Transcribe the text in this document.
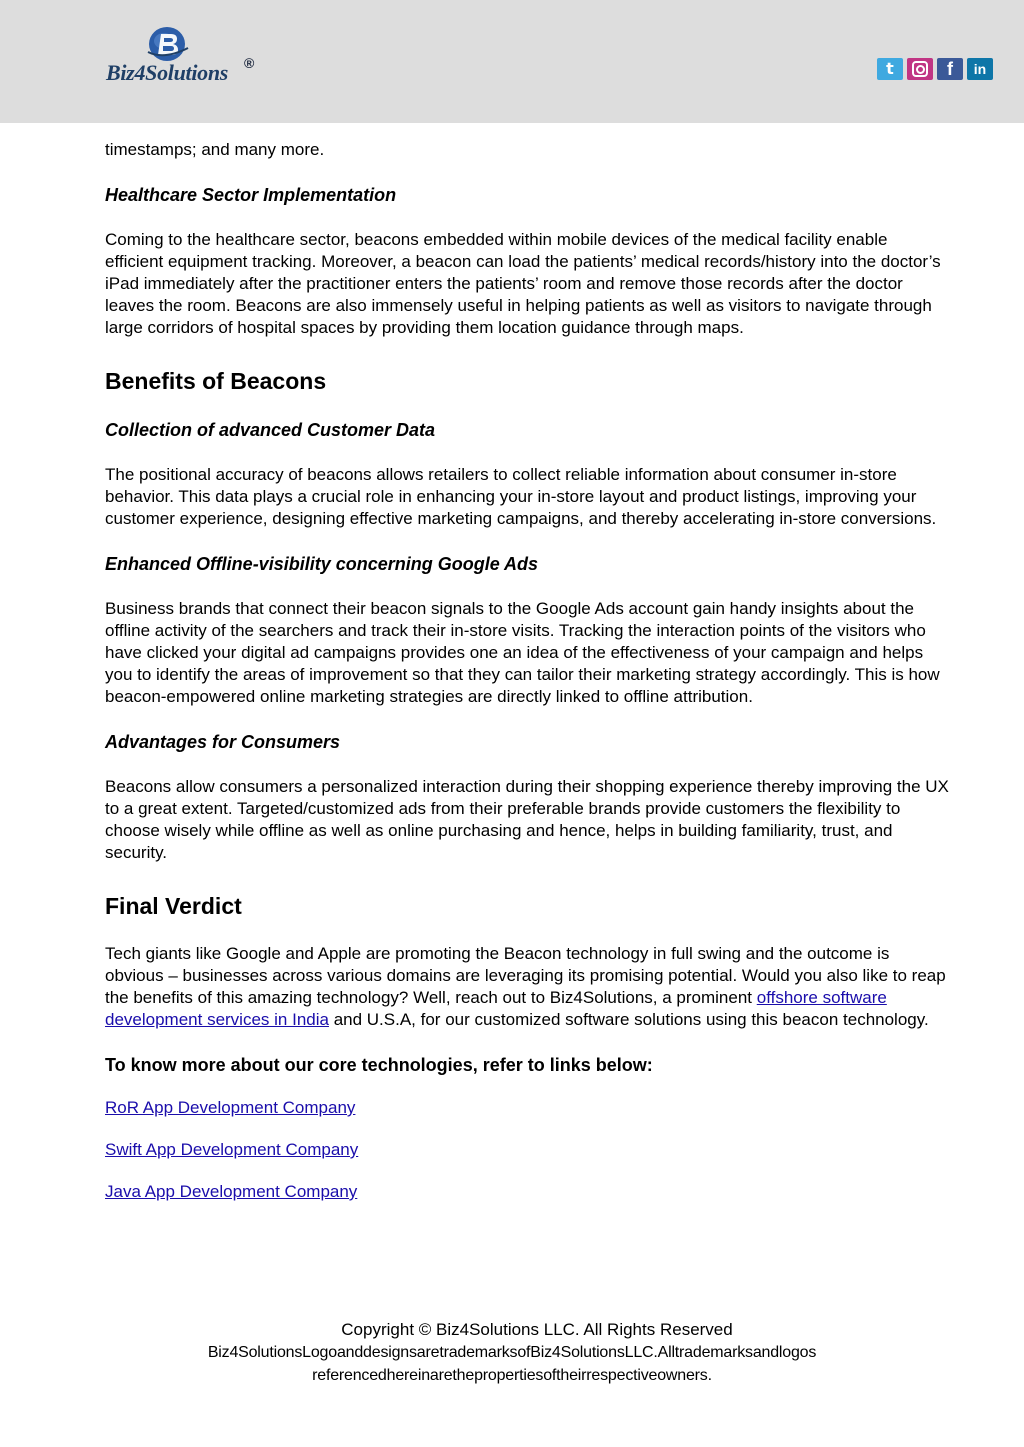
Biz4Solutions ®	t	f in

timestamps; and many more.

Healthcare Sector Implementation

Coming to the healthcare sector, beacons embedded within mobile devices of the medical facility enable efficient equipment tracking. Moreover, a beacon can load the patients’ medical records/history into the doctor’s iPad immediately after the practitioner enters the patients’ room and remove those records after the doctor leaves the room. Beacons are also immensely useful in helping patients as well as visitors to navigate through large corridors of hospital spaces by providing them location guidance through maps.

Benefits of Beacons

Collection of advanced Customer Data

The positional accuracy of beacons allows retailers to collect reliable information about consumer in-store behavior. This data plays a crucial role in enhancing your in-store layout and product listings, improving your customer experience, designing effective marketing campaigns, and thereby accelerating in-store conversions.

Enhanced Offline-visibility concerning Google Ads

Business brands that connect their beacon signals to the Google Ads account gain handy insights about the offline activity of the searchers and track their in-store visits. Tracking the interaction points of the visitors who have clicked your digital ad campaigns provides one an idea of the effectiveness of your campaign and helps you to identify the areas of improvement so that they can tailor their marketing strategy accordingly. This is how beacon-empowered online marketing strategies are directly linked to offline attribution.

Advantages for Consumers

Beacons allow consumers a personalized interaction during their shopping experience thereby improving the UX to a great extent. Targeted/customized ads from their preferable brands provide customers the flexibility to choose wisely while offline as well as online purchasing and hence, helps in building familiarity, trust, and security.

Final Verdict

Tech giants like Google and Apple are promoting the Beacon technology in full swing and the outcome is obvious – businesses across various domains are leveraging its promising potential. Would you also like to reap the benefits of this amazing technology? Well, reach out to Biz4Solutions, a prominent offshore software development services in India and U.S.A, for our customized software solutions using this beacon technology.

To know more about our core technologies, refer to links below:

RoR App Development Company

Swift App Development Company

Java App Development Company

Copyright © Biz4Solutions LLC. All Rights Reserved
Biz4SolutionsLogoanddesignsaretrademarksofBiz4SolutionsLLC.Alltrademarksandlogos
referencedhereinarethepropertiesoftheirrespectiveowners.
